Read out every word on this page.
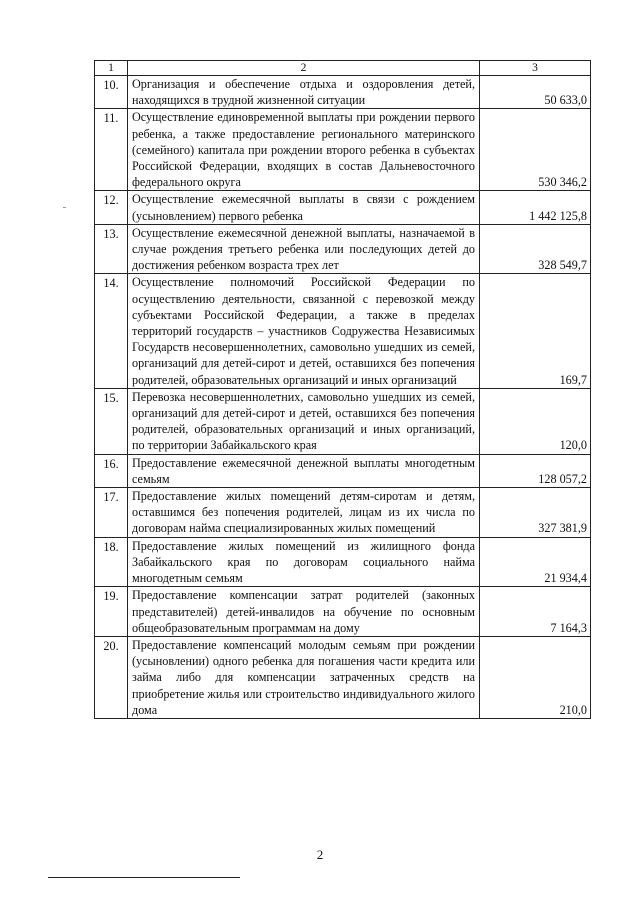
1	2	3
10.	Организация и обеспечение отдыха и оздоровления детей, находящихся в трудной жизненной ситуации	50 633,0
11.	Осуществление единовременной выплаты при рождении первого ребенка, а также предоставление регионального материнского (семейного) капитала при рождении второго ребенка в субъектах Российской Федерации, входящих в состав Дальневосточного федерального округа	530 346,2
12.	Осуществление ежемесячной выплаты в связи с рождением (усыновлением) первого ребенка	1 442 125,8
13.	Осуществление ежемесячной денежной выплаты, назначаемой в случае рождения третьего ребенка или последующих детей до достижения ребенком возраста трех лет	328 549,7
14.	Осуществление полномочий Российской Федерации по осуществлению деятельности, связанной с перевозкой между субъектами Российской Федерации, а также в пределах территорий государств – участников Содружества Независимых Государств несовершеннолетних, самовольно ушедших из семей, организаций для детей-сирот и детей, оставшихся без попечения родителей, образовательных организаций и иных организаций	169,7
15.	Перевозка несовершеннолетних, самовольно ушедших из семей, организаций для детей-сирот и детей, оставшихся без попечения родителей, образовательных организаций и иных организаций, по территории Забайкальского края	120,0
16.	Предоставление ежемесячной денежной выплаты многодетным семьям	128 057,2
17.	Предоставление жилых помещений детям-сиротам и детям, оставшимся без попечения родителей, лицам из их числа по договорам найма специализированных жилых помещений	327 381,9
18.	Предоставление жилых помещений из жилищного фонда Забайкальского края по договорам социального найма многодетным семьям	21 934,4
19.	Предоставление компенсации затрат родителей (законных представителей) детей-инвалидов на обучение по основным общеобразовательным программам на дому	7 164,3
20.	Предоставление компенсаций молодым семьям при рождении (усыновлении) одного ребенка для погашения части кредита или займа либо для компенсации затраченных средств на приобретение жилья или строительство индивидуального жилого дома	210,0
2
